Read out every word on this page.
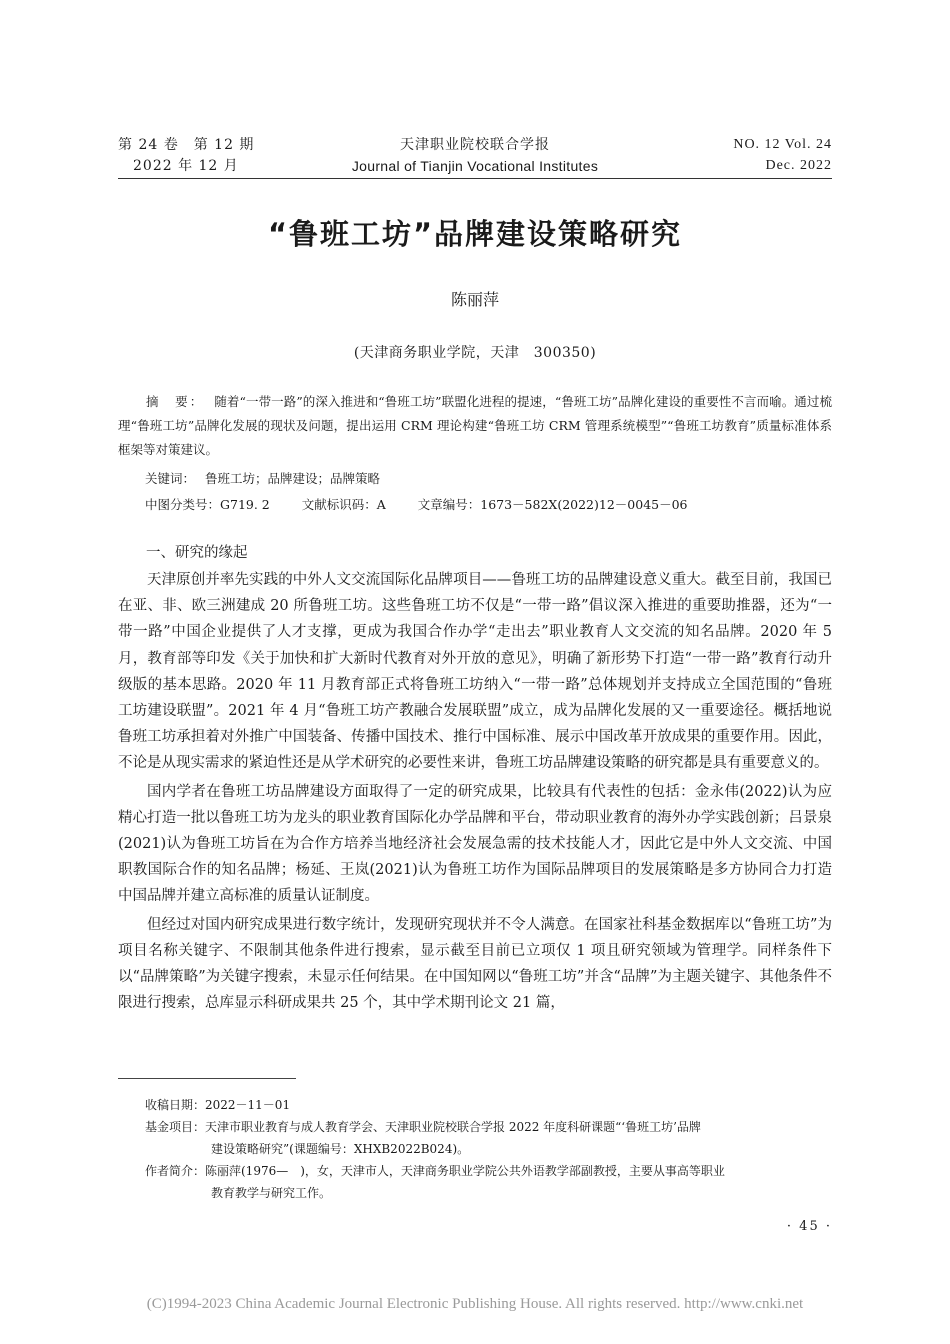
第 24 卷　第 12 期
2022 年 12 月
天津职业院校联合学报
Journal of Tianjin Vocational Institutes
NO. 12 Vol. 24
Dec. 2022
“鲁班工坊”品牌建设策略研究
陈丽萍
(天津商务职业学院，天津　300350)
摘　要： 随着“一带一路”的深入推进和“鲁班工坊”联盟化进程的提速，“鲁班工坊”品牌化建设的重要性不言而喻。通过梳理“鲁班工坊”品牌化发展的现状及问题，提出运用 CRM 理论构建“鲁班工坊 CRM 管理系统模型”“鲁班工坊教育”质量标准体系框架等对策建议。
关键词： 鲁班工坊；品牌建设；品牌策略
中图分类号：G719. 2	文献标识码：A	文章编号：1673－582X(2022)12－0045－06
一、研究的缘起

天津原创并率先实践的中外人文交流国际化品牌项目——鲁班工坊的品牌建设意义重大。截至目前，我国已在亚、非、欧三洲建成 20 所鲁班工坊。这些鲁班工坊不仅是“一带一路”倡议深入推进的重要助推器，还为“一带一路”中国企业提供了人才支撑，更成为我国合作办学“走出去”职业教育人文交流的知名品牌。2020 年 5 月，教育部等印发《关于加快和扩大新时代教育对外开放的意见》，明确了新形势下打造“一带一路”教育行动升级版的基本思路。2020 年 11 月教育部正式将鲁班工坊纳入“一带一路”总体规划并支持成立全国范围的“鲁班工坊建设联盟”。2021 年 4 月“鲁班工坊产教融合发展联盟”成立，成为品牌化发展的又一重要途径。概括地说鲁班工坊承担着对外推广中国装备、传播中国技术、推行中国标准、展示中国改革开放成果的重要作用。因此，不论是从现实需求的紧迫性还是从学术研究的必要性来讲，鲁班工坊品牌建设策略的研究都是具有重要意义的。

国内学者在鲁班工坊品牌建设方面取得了一定的研究成果，比较具有代表性的包括：金永伟(2022)认为应精心打造一批以鲁班工坊为龙头的职业教育国际化办学品牌和平台，带动职业教育的海外办学实践创新；吕景泉(2021)认为鲁班工坊旨在为合作方培养当地经济社会发展急需的技术技能人才，因此它是中外人文交流、中国职教国际合作的知名品牌；杨延、王岚(2021)认为鲁班工坊作为国际品牌项目的发展策略是多方协同合力打造中国品牌并建立高标准的质量认证制度。

但经过对国内研究成果进行数字统计，发现研究现状并不令人满意。在国家社科基金数据库以“鲁班工坊”为项目名称关键字、不限制其他条件进行搜索，显示截至目前已立项仅 1 项且研究领域为管理学。同样条件下以“品牌策略”为关键字搜索，未显示任何结果。在中国知网以“鲁班工坊”并含“品牌”为主题关键字、其他条件不限进行搜索，总库显示科研成果共 25 个，其中学术期刊论文 21 篇，

收稿日期：2022－11－01
基金项目：天津市职业教育与成人教育学会、天津职业院校联合学报 2022 年度科研课题“‘鲁班工坊’品牌
建设策略研究”(课题编号：XHXB2022B024)。
作者简介：陈丽萍(1976—　)，女，天津市人，天津商务职业学院公共外语教学部副教授，主要从事高等职业
教育教学与研究工作。
· 45 ·
(C)1994-2023 China Academic Journal Electronic Publishing House. All rights reserved. http://www.cnki.net
